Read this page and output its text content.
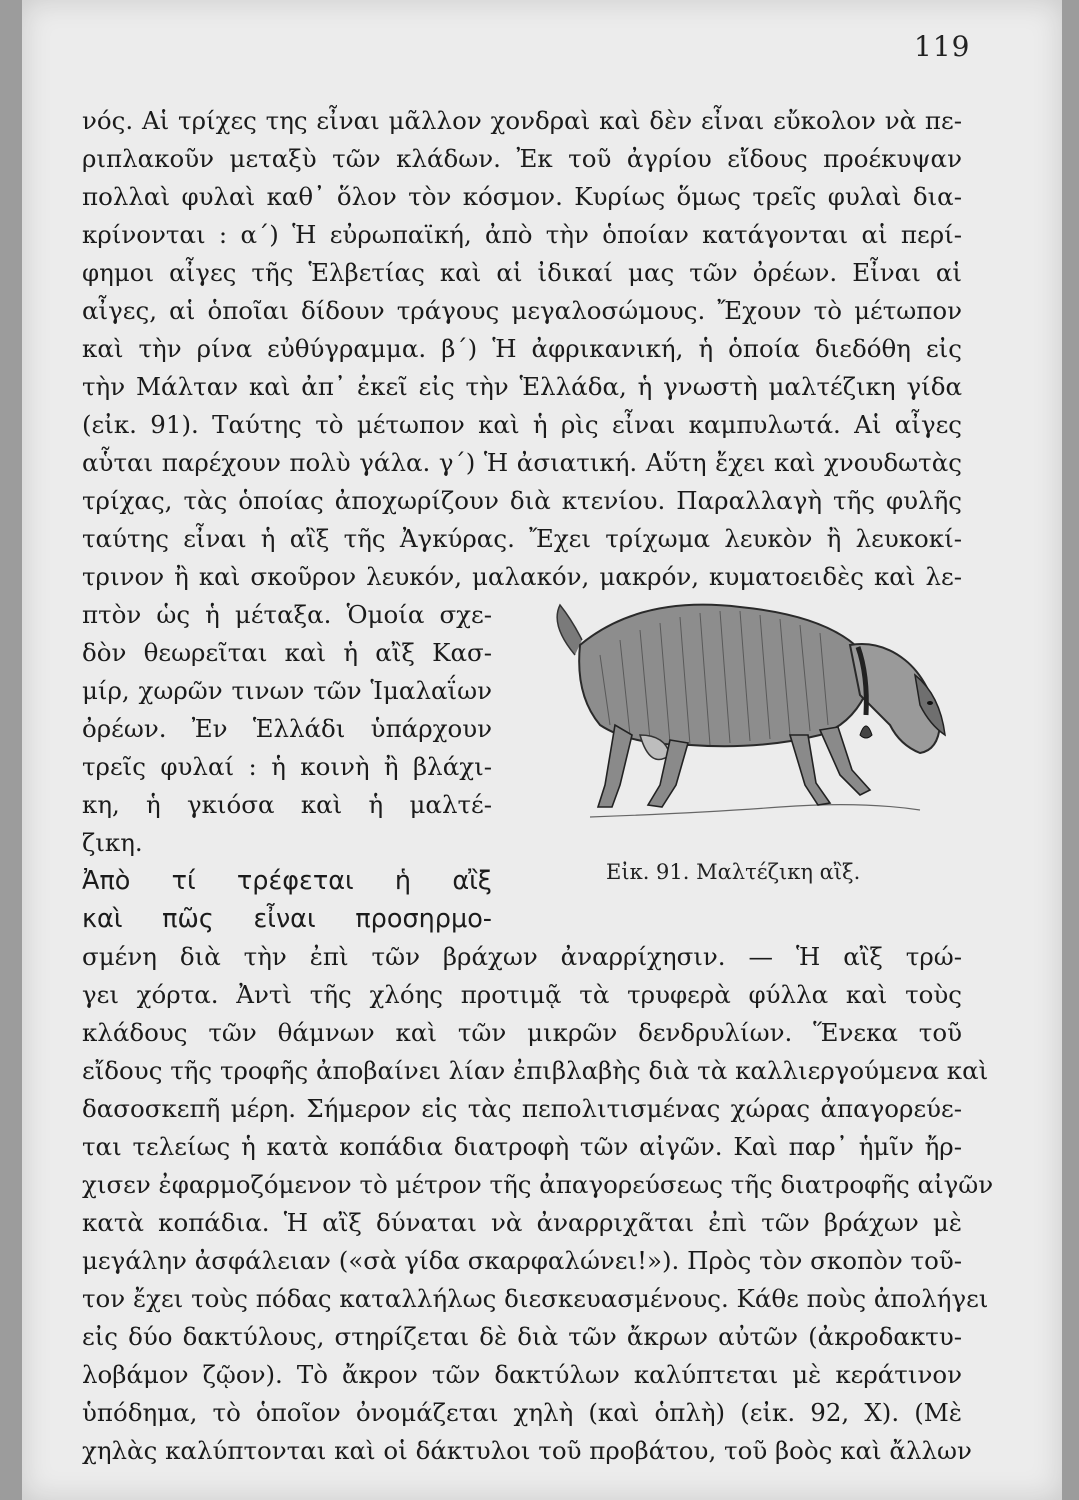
119
νός. Αἱ τρίχες της εἶναι μᾶλλον χονδραὶ καὶ δὲν εἶναι εὔκολον νὰ πε-
ριπλακοῦν μεταξὺ τῶν κλάδων. Ἐκ τοῦ ἀγρίου εἴδους προέκυψαν
πολλαὶ φυλαὶ καθ᾽ ὅλον τὸν κόσμον. Κυρίως ὅμως τρεῖς φυλαὶ δια-
κρίνονται : α΄) Ἡ εὐρωπαϊκή, ἀπὸ τὴν ὁποίαν κατάγονται αἱ περί-
φημοι αἶγες τῆς Ἑλβετίας καὶ αἱ ἰδικαί μας τῶν ὀρέων. Εἶναι αἱ
αἶγες, αἱ ὁποῖαι δίδουν τράγους μεγαλοσώμους. Ἔχουν τὸ μέτωπον
καὶ τὴν ρίνα εὐθύγραμμα. β΄) Ἡ ἀφρικανική, ἡ ὁποία διεδόθη εἰς
τὴν Μάλταν καὶ ἀπ᾽ ἐκεῖ εἰς τὴν Ἑλλάδα, ἡ γνωστὴ μαλτέζικη γίδα
(εἰκ. 91). Ταύτης τὸ μέτωπον καὶ ἡ ρὶς εἶναι καμπυλωτά. Αἱ αἶγες
αὗται παρέχουν πολὺ γάλα. γ΄) Ἡ ἀσιατική. Αὕτη ἔχει καὶ χνουδωτὰς
τρίχας, τὰς ὁποίας ἀποχωρίζουν διὰ κτενίου. Παραλλαγὴ τῆς φυλῆς
ταύτης εἶναι ἡ αἲξ τῆς Ἀγκύρας. Ἔχει τρίχωμα λευκὸν ἢ λευκοκί-
τρινον ἢ καὶ σκοῦρον λευκόν, μαλακόν, μακρόν, κυματοειδὲς καὶ λε-
πτὸν ὡς ἡ μέταξα. Ὁμοία σχε-
δὸν θεωρεῖται καὶ ἡ αἲξ Κασ-
μίρ, χωρῶν τινων τῶν Ἱμαλαΐων
ὀρέων. Ἐν Ἑλλάδι ὑπάρχουν
τρεῖς φυλαί : ἡ κοινὴ ἢ βλάχι-
κη, ἡ γκιόσα καὶ ἡ μαλτέ-
ζικη.
Ἀπὸ τί τρέφεται ἡ αἲξ
καὶ πῶς εἶναι προσηρμο-
σμένη διὰ τὴν ἐπὶ τῶν βράχων ἀναρρίχησιν. — Ἡ αἲξ τρώ-
γει χόρτα. Ἀντὶ τῆς χλόης προτιμᾷ τὰ τρυφερὰ φύλλα καὶ τοὺς
κλάδους τῶν θάμνων καὶ τῶν μικρῶν δενδρυλίων. Ἕνεκα τοῦ
εἴδους τῆς τροφῆς ἀποβαίνει λίαν ἐπιβλαβὴς διὰ τὰ καλλιεργούμενα καὶ
δασοσκεπῆ μέρη. Σήμερον εἰς τὰς πεπολιτισμένας χώρας ἀπαγορεύε-
ται τελείως ἡ κατὰ κοπάδια διατροφὴ τῶν αἰγῶν. Καὶ παρ᾽ ἡμῖν ἤρ-
χισεν ἐφαρμοζόμενον τὸ μέτρον τῆς ἀπαγορεύσεως τῆς διατροφῆς αἰγῶν
κατὰ κοπάδια. Ἡ αἲξ δύναται νὰ ἀναρριχᾶται ἐπὶ τῶν βράχων μὲ
μεγάλην ἀσφάλειαν («σὰ γίδα σκαρφαλώνει!»). Πρὸς τὸν σκοπὸν τοῦ-
τον ἔχει τοὺς πόδας καταλλήλως διεσκευασμένους. Κάθε ποὺς ἀπολήγει
εἰς δύο δακτύλους, στηρίζεται δὲ διὰ τῶν ἄκρων αὐτῶν (ἀκροδακτυ-
λοβάμον ζῷον). Τὸ ἄκρον τῶν δακτύλων καλύπτεται μὲ κεράτινον
ὑπόδημα, τὸ ὁποῖον ὀνομάζεται χηλὴ (καὶ ὁπλὴ) (εἰκ. 92, Χ). (Μὲ
χηλὰς καλύπτονται καὶ οἱ δάκτυλοι τοῦ προβάτου, τοῦ βοὸς καὶ ἄλλων
Εἰκ. 91. Μαλτέζικη αἲξ.
